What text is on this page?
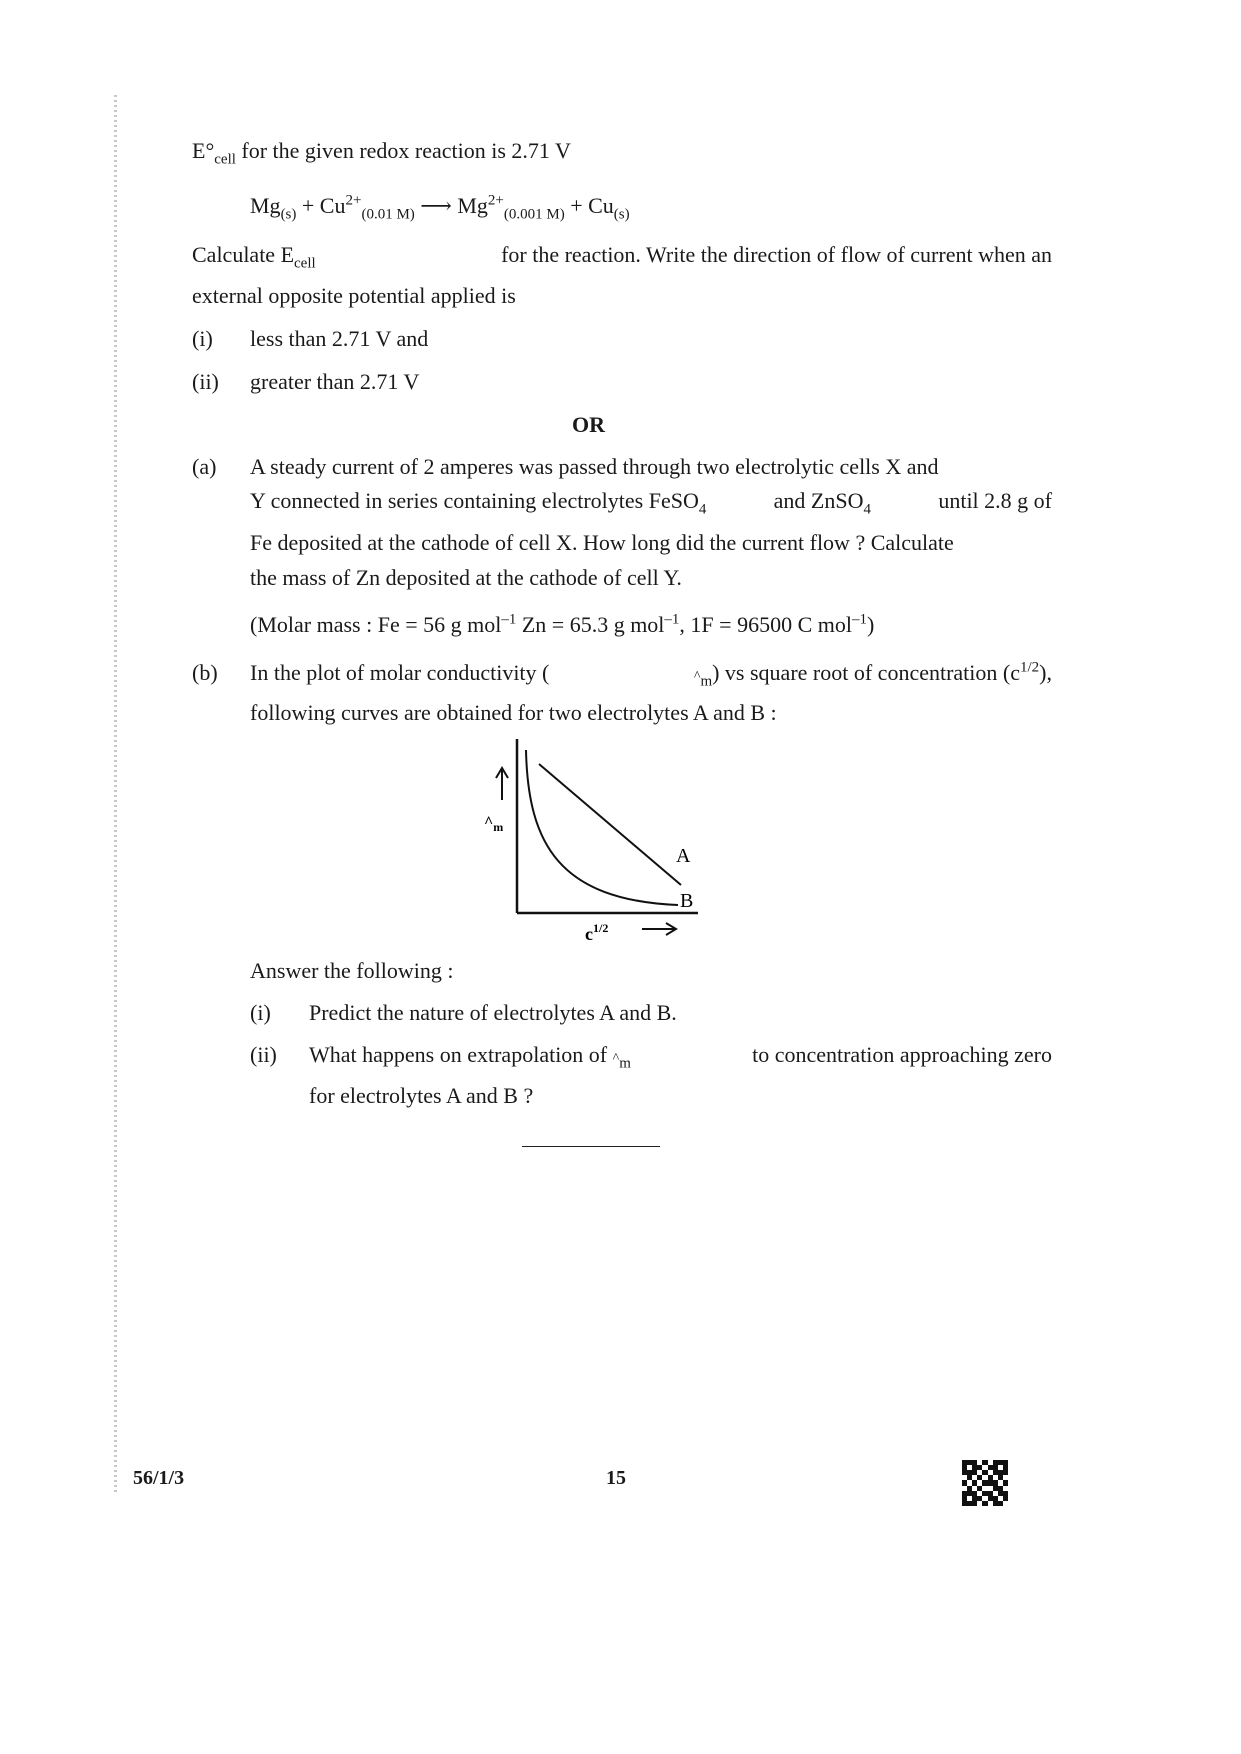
$E^\circ_{cell}$ for the given redox reaction is 2.71 V
$Mg_{(s)} + Cu^{2+}_{(0.01 M)}$ ⟶ $Mg^{2+}_{(0.001 M)} + Cu_{(s)}$
Calculate $E_{cell}$	for the reaction. Write the direction of flow of current when an
external opposite potential applied is
(i) less than 2.71 V and
(ii) greater than 2.71 V
OR
(a) A steady current of 2 amperes was passed through two electrolytic cells X and
Y connected in series containing electrolytes FeSO$_4$	and ZnSO$_4$	until 2.8 g of
Fe deposited at the cathode of cell X. How long did the current flow ? Calculate
the mass of Zn deposited at the cathode of cell Y.
(Molar mass : Fe = 56 g mol$^{-1}$ Zn = 65.3 g mol$^{-1}$, 1F = 96500 C mol$^{-1}$)
(b) In the plot of molar conductivity (	$\^{}_m$) vs square root of concentration $(c^{1/2})$,
following curves are obtained for two electrolytes A and B :
$\^{}_m$
A
B
$c^{1/2}$
Answer the following :
(i) Predict the nature of electrolytes A and B.
(ii) What happens on extrapolation of $\^{}_m$	to concentration approaching zero
for electrolytes A and B ?
56/1/3	15
